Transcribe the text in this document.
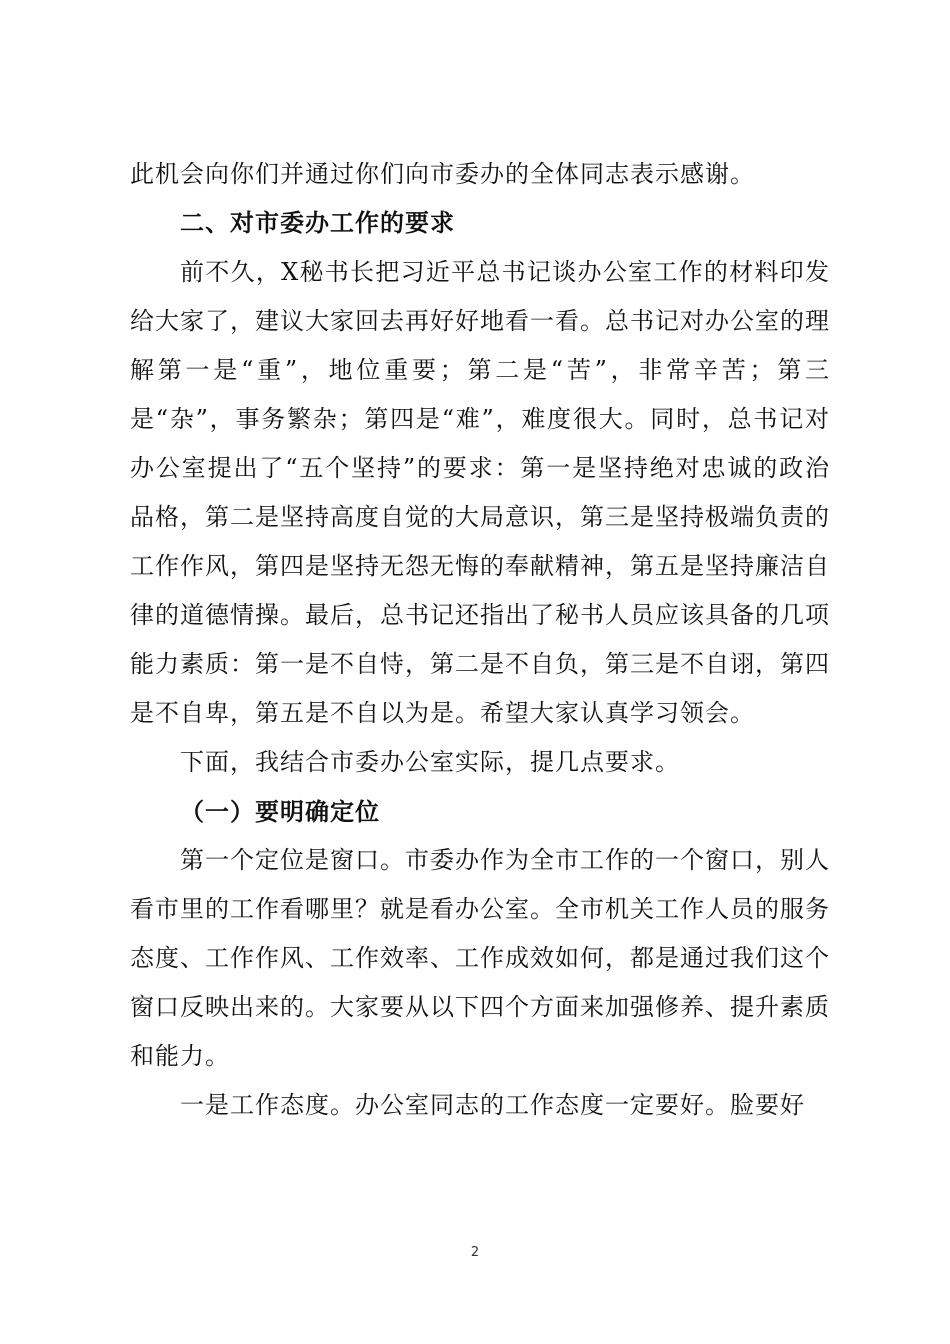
此机会向你们并通过你们向市委办的全体同志表示感谢。

二、对市委办工作的要求

前不久，X秘书长把习近平总书记谈办公室工作的材料印发给大家了，建议大家回去再好好地看一看。总书记对办公室的理解第一是“重”，地位重要；第二是“苦”，非常辛苦；第三是“杂”，事务繁杂；第四是“难”，难度很大。同时，总书记对办公室提出了“五个坚持”的要求：第一是坚持绝对忠诚的政治品格，第二是坚持高度自觉的大局意识，第三是坚持极端负责的工作作风，第四是坚持无怨无悔的奉献精神，第五是坚持廉洁自律的道德情操。最后，总书记还指出了秘书人员应该具备的几项能力素质：第一是不自恃，第二是不自负，第三是不自诩，第四是不自卑，第五是不自以为是。希望大家认真学习领会。

下面，我结合市委办公室实际，提几点要求。

（一）要明确定位

第一个定位是窗口。市委办作为全市工作的一个窗口，别人看市里的工作看哪里？就是看办公室。全市机关工作人员的服务态度、工作作风、工作效率、工作成效如何，都是通过我们这个窗口反映出来的。大家要从以下四个方面来加强修养、提升素质和能力。

一是工作态度。办公室同志的工作态度一定要好。脸要好

2
